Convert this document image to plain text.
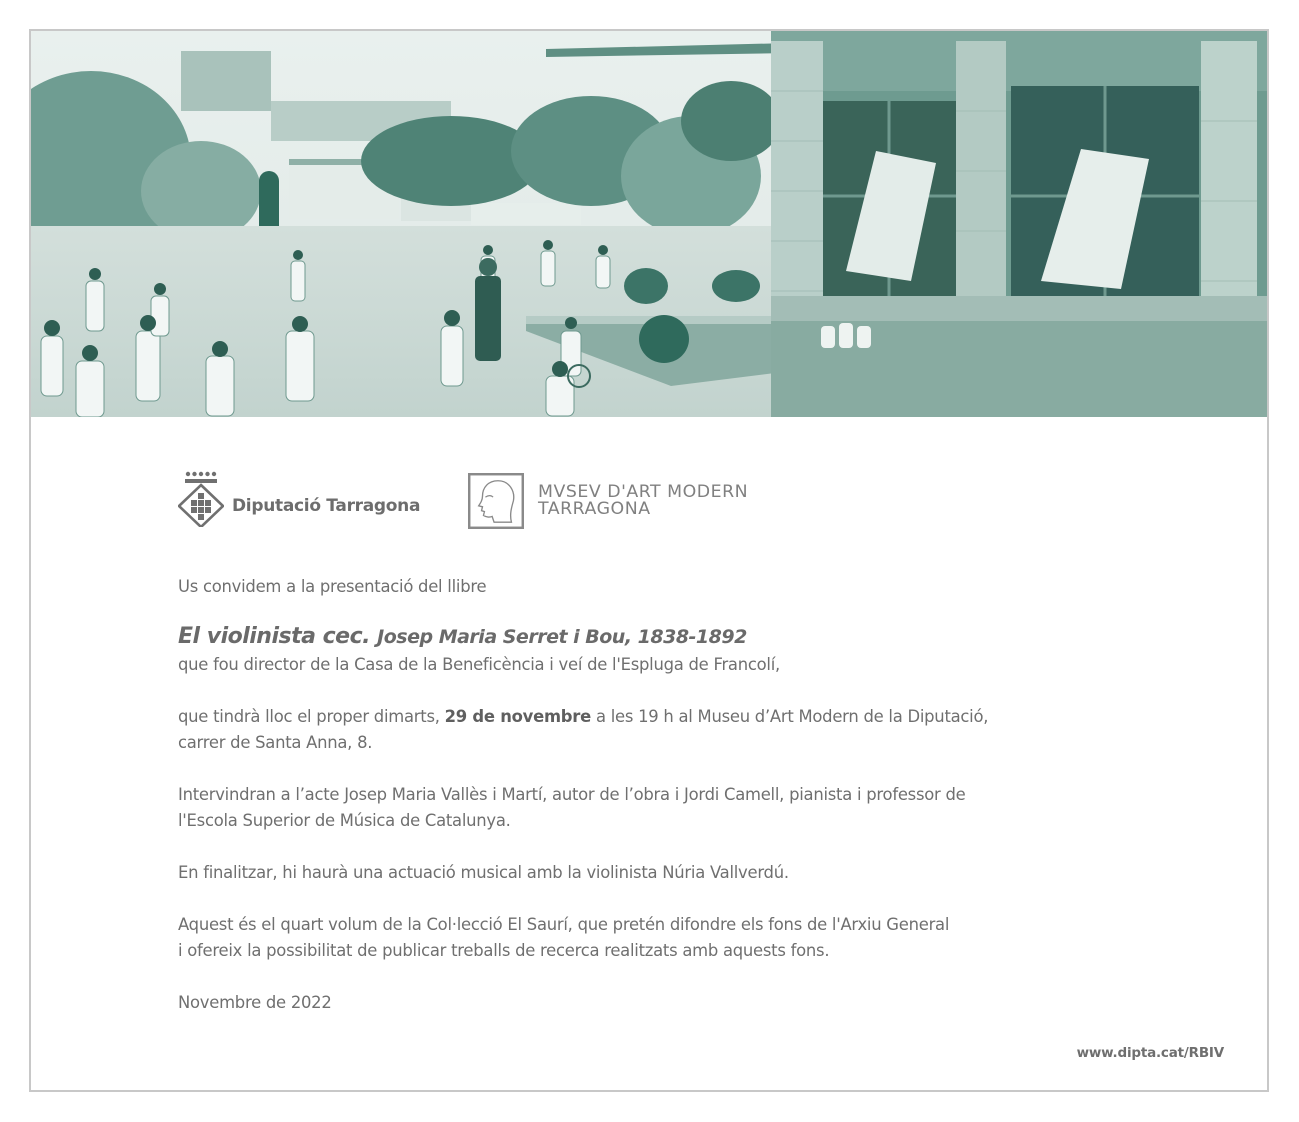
Diputació Tarragona
MVSEV D'ART MODERN
TARRAGONA

Us convidem a la presentació del llibre

El violinista cec. Josep Maria Serret i Bou, 1838-1892

que fou director de la Casa de la Beneficència i veí de l'Espluga de Francolí,

que tindrà lloc el proper dimarts, 29 de novembre a les 19 h al Museu d’Art Modern de la Diputació,

carrer de Santa Anna, 8.

Intervindran a l’acte Josep Maria Vallès i Martí, autor de l’obra i Jordi Camell, pianista i professor de

l'Escola Superior de Música de Catalunya.

En finalitzar, hi haurà una actuació musical amb la violinista Núria Vallverdú.

Aquest és el quart volum de la Col·lecció El Saurí, que pretén difondre els fons de l'Arxiu General

i ofereix la possibilitat de publicar treballs de recerca realitzats amb aquests fons.

Novembre de 2022

www.dipta.cat/RBIV
